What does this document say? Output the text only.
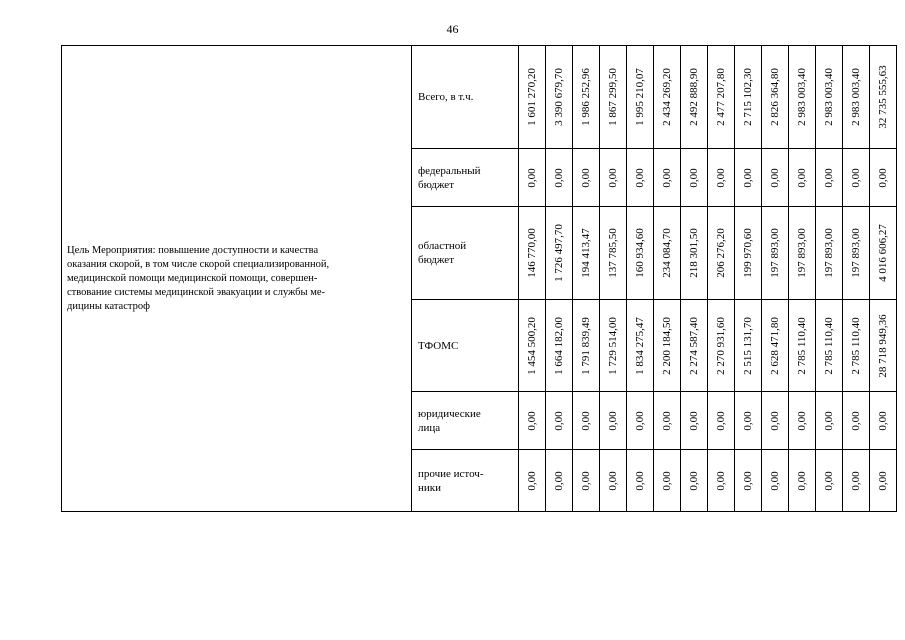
46
Цель Мероприятия: повышение доступности и качества
оказания скорой, в том числе скорой специализированной,
медицинской помощи медицинской помощи, совершен-
ствование системы медицинской эвакуации и службы ме-
дицины катастроф	Всего, в т.ч.	1 601 270,20	3 390 679,70	1 986 252,96	1 867 299,50	1 995 210,07	2 434 269,20	2 492 888,90	2 477 207,80	2 715 102,30	2 826 364,80	2 983 003,40	2 983 003,40	2 983 003,40	32 735 555,63

	федеральный
бюджет	0,00	0,00	0,00	0,00	0,00	0,00	0,00	0,00	0,00	0,00	0,00	0,00	0,00	0,00

	областной
бюджет	146 770,00	1 726 497,70	194 413,47	137 785,50	160 934,60	234 084,70	218 301,50	206 276,20	199 970,60	197 893,00	197 893,00	197 893,00	197 893,00	4 016 606,27

	ТФОМС	1 454 500,20	1 664 182,00	1 791 839,49	1 729 514,00	1 834 275,47	2 200 184,50	2 274 587,40	2 270 931,60	2 515 131,70	2 628 471,80	2 785 110,40	2 785 110,40	2 785 110,40	28 718 949,36

	юридические
лица	0,00	0,00	0,00	0,00	0,00	0,00	0,00	0,00	0,00	0,00	0,00	0,00	0,00	0,00

	прочие источ-
ники	0,00	0,00	0,00	0,00	0,00	0,00	0,00	0,00	0,00	0,00	0,00	0,00	0,00	0,00
